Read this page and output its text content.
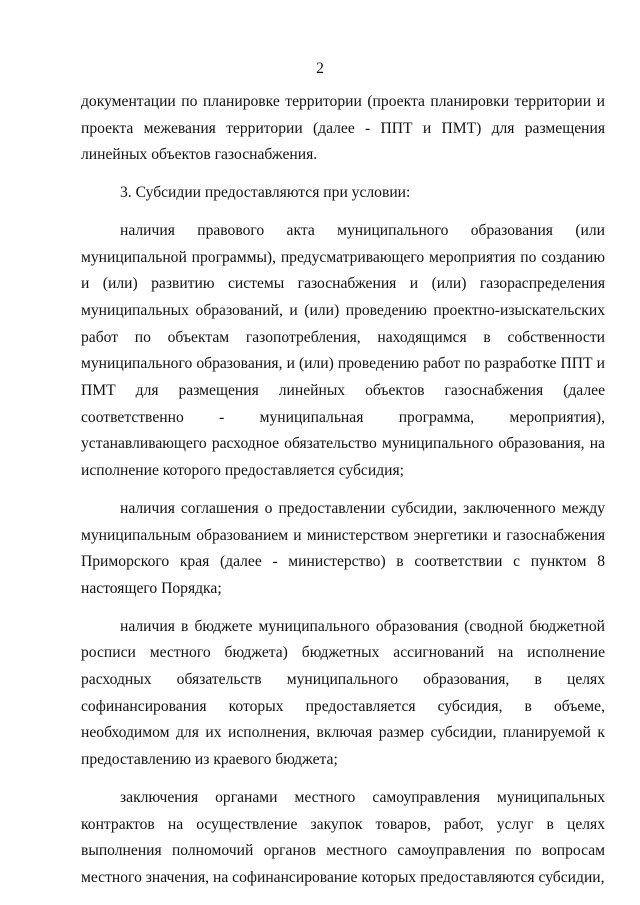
2

документации по планировке территории (проекта планировки территории и проекта межевания территории (далее - ППТ и ПМТ) для размещения линейных объектов газоснабжения.

3. Субсидии предоставляются при условии:

наличия правового акта муниципального образования (или муниципальной программы), предусматривающего мероприятия по созданию и (или) развитию системы газоснабжения и (или) газораспределения муниципальных образований, и (или) проведению проектно-изыскательских работ по объектам газопотребления, находящимся в собственности муниципального образования, и (или) проведению работ по разработке ППТ и ПМТ для размещения линейных объектов газоснабжения (далее соответственно - муниципальная программа, мероприятия), устанавливающего расходное обязательство муниципального образования, на исполнение которого предоставляется субсидия;

наличия соглашения о предоставлении субсидии, заключенного между муниципальным образованием и министерством энергетики и газоснабжения Приморского края (далее - министерство) в соответствии с пунктом 8 настоящего Порядка;

наличия в бюджете муниципального образования (сводной бюджетной росписи местного бюджета) бюджетных ассигнований на исполнение расходных обязательств муниципального образования, в целях софинансирования которых предоставляется субсидия, в объеме, необходимом для их исполнения, включая размер субсидии, планируемой к предоставлению из краевого бюджета;

заключения органами местного самоуправления муниципальных контрактов на осуществление закупок товаров, работ, услуг в целях выполнения полномочий органов местного самоуправления по вопросам местного значения, на софинансирование которых предоставляются субсидии,
